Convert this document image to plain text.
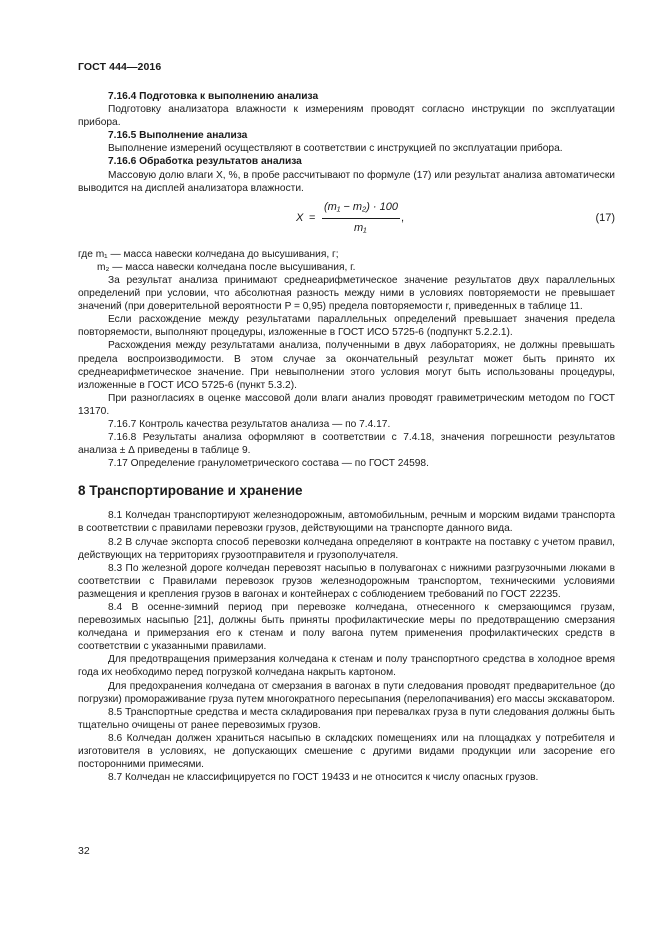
ГОСТ 444—2016

7.16.4 Подготовка к выполнению анализа

Подготовку анализатора влажности к измерениям проводят согласно инструкции по эксплуатации прибора.

7.16.5 Выполнение анализа

Выполнение измерений осуществляют в соответствии с инструкцией по эксплуатации прибора.

7.16.6 Обработка результатов анализа

Массовую долю влаги X, %, в пробе рассчитывают по формуле (17) или результат анализа автоматически выводится на дисплей анализатора влажности.

X =
(m₁ − m₂) · 100
m₁
,	(17)

где m₁ — масса навески колчедана до высушивания, г;

m₂ — масса навески колчедана после высушивания, г.

За результат анализа принимают среднеарифметическое значение результатов двух параллельных определений при условии, что абсолютная разность между ними в условиях повторяемости не превышает значений (при доверительной вероятности P = 0,95) предела повторяемости r, приведенных в таблице 11.

Если расхождение между результатами параллельных определений превышает значения предела повторяемости, выполняют процедуры, изложенные в ГОСТ ИСО 5725-6 (подпункт 5.2.2.1).

Расхождения между результатами анализа, полученными в двух лабораториях, не должны превышать предела воспроизводимости. В этом случае за окончательный результат может быть принято их среднеарифметическое значение. При невыполнении этого условия могут быть использованы процедуры, изложенные в ГОСТ ИСО 5725-6 (пункт 5.3.2).

При разногласиях в оценке массовой доли влаги анализ проводят гравиметрическим методом по ГОСТ 13170.

7.16.7 Контроль качества результатов анализа — по 7.4.17.

7.16.8 Результаты анализа оформляют в соответствии с 7.4.18, значения погрешности результатов анализа ± Δ приведены в таблице 9.

7.17 Определение гранулометрического состава — по ГОСТ 24598.

8 Транспортирование и хранение

8.1 Колчедан транспортируют железнодорожным, автомобильным, речным и морским видами транспорта в соответствии с правилами перевозки грузов, действующими на транспорте данного вида.

8.2 В случае экспорта способ перевозки колчедана определяют в контракте на поставку с учетом правил, действующих на территориях грузоотправителя и грузополучателя.

8.3 По железной дороге колчедан перевозят насыпью в полувагонах с нижними разгрузочными люками в соответствии с Правилами перевозок грузов железнодорожным транспортом, техническими условиями размещения и крепления грузов в вагонах и контейнерах с соблюдением требований по ГОСТ 22235.

8.4 В осенне-зимний период при перевозке колчедана, отнесенного к смерзающимся грузам, перевозимых насыпью [21], должны быть приняты профилактические меры по предотвращению смерзания колчедана и примерзания его к стенам и полу вагона путем применения профилактических средств в соответствии с указанными правилами.

Для предотвращения примерзания колчедана к стенам и полу транспортного средства в холодное время года их необходимо перед погрузкой колчедана накрыть картоном.

Для предохранения колчедана от смерзания в вагонах в пути следования проводят предварительное (до погрузки) промораживание груза путем многократного пересыпания (перелопачивания) его массы экскаватором.

8.5 Транспортные средства и места складирования при перевалках груза в пути следования должны быть тщательно очищены от ранее перевозимых грузов.

8.6 Колчедан должен храниться насыпью в складских помещениях или на площадках у потребителя и изготовителя в условиях, не допускающих смешение с другими видами продукции или засорение его посторонними примесями.

8.7 Колчедан не классифицируется по ГОСТ 19433 и не относится к числу опасных грузов.

32
